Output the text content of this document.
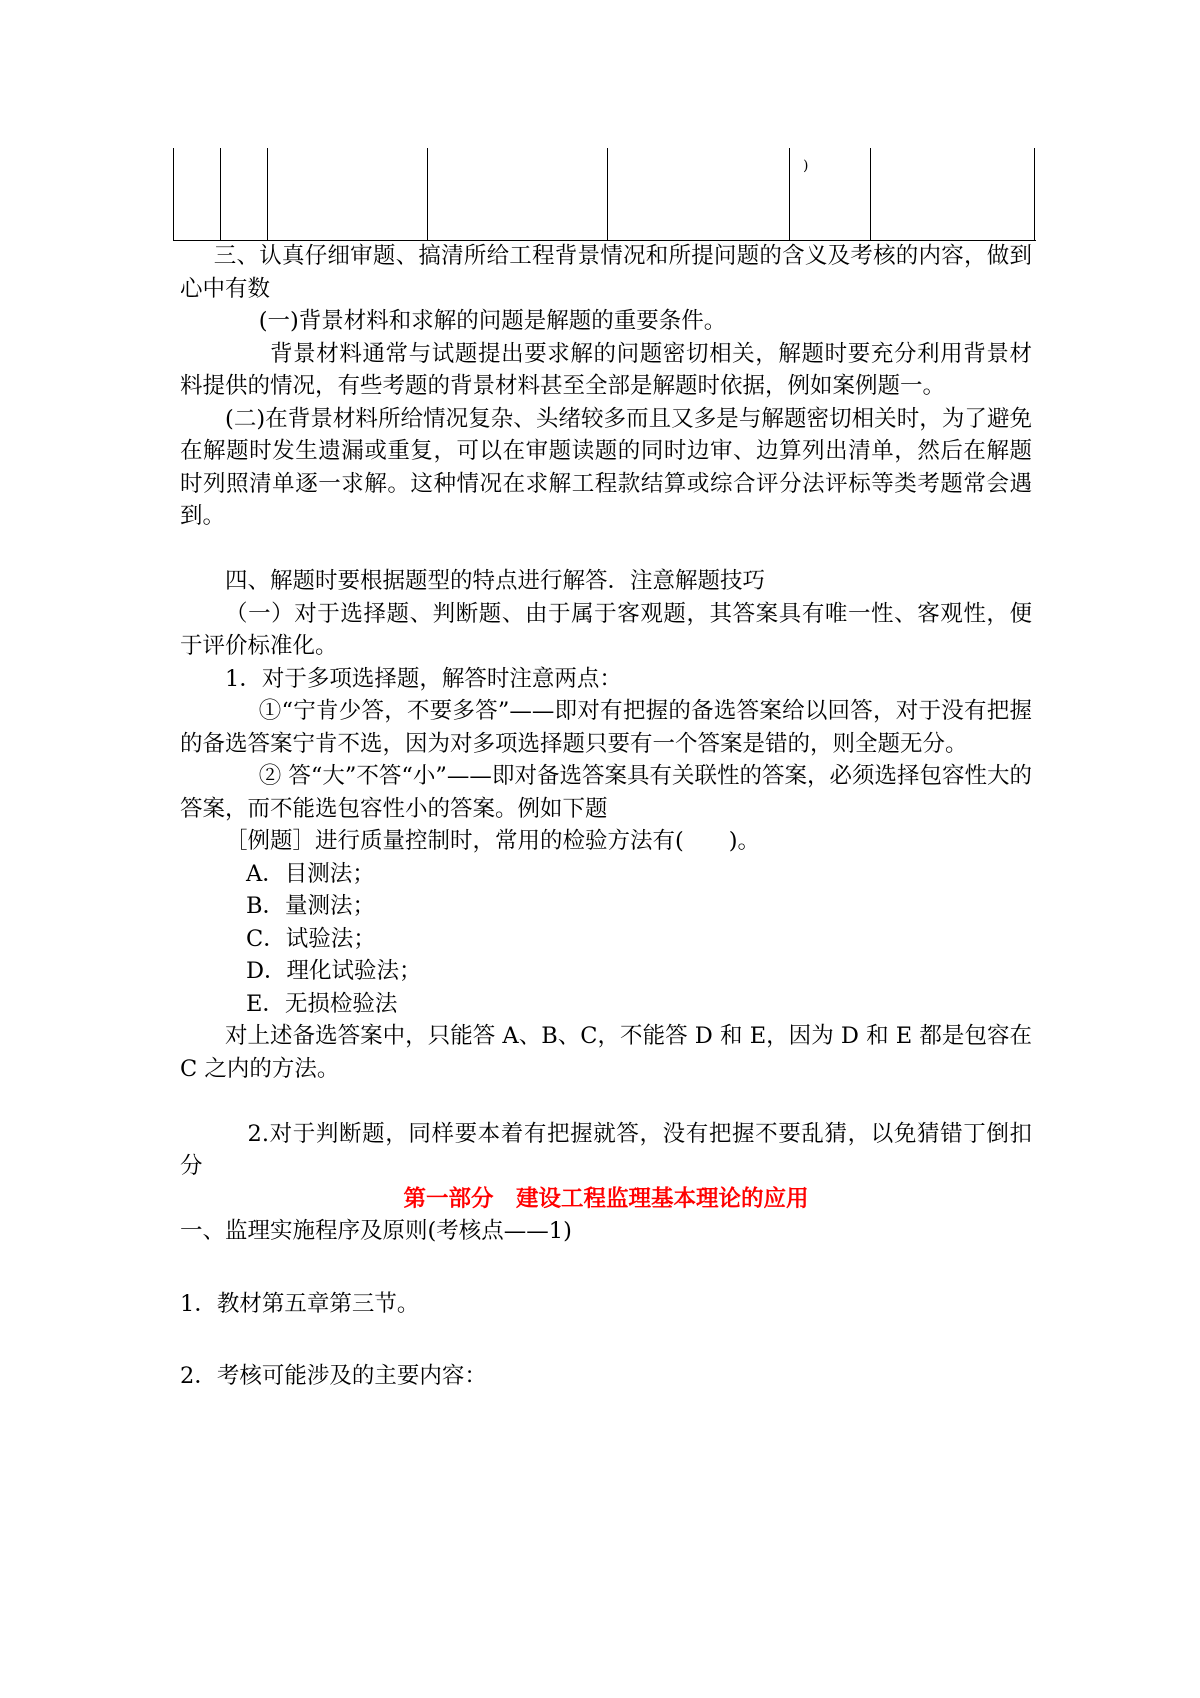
)

三、认真仔细审题、搞清所给工程背景情况和所提问题的含义及考核的内容，做到心中有数

(一)背景材料和求解的问题是解题的重要条件。

背景材料通常与试题提出要求解的问题密切相关，解题时要充分利用背景材料提供的情况，有些考题的背景材料甚至全部是解题时依据，例如案例题一。

(二)在背景材料所给情况复杂、头绪较多而且又多是与解题密切相关时，为了避免在解题时发生遗漏或重复，可以在审题读题的同时边审、边算列出清单，然后在解题时列照清单逐一求解。这种情况在求解工程款结算或综合评分法评标等类考题常会遇到。

四、解题时要根据题型的特点进行解答．注意解题技巧

（一）对于选择题、判断题、由于属于客观题，其答案具有唯一性、客观性，便于评价标准化。

1．对于多项选择题，解答时注意两点：

①“宁肯少答，不要多答”——即对有把握的备选答案给以回答，对于没有把握的备选答案宁肯不选，因为对多项选择题只要有一个答案是错的，则全题无分。

② 答“大”不答“小”——即对备选答案具有关联性的答案，必须选择包容性大的答案，而不能选包容性小的答案。例如下题

［例题］进行质量控制时，常用的检验方法有(　　)。

A．目测法；

B．量测法；

C．试验法；

D．理化试验法；

E．无损检验法

对上述备选答案中，只能答 A、B、C，不能答 D 和 E，因为 D 和 E 都是包容在 C 之内的方法。

2.对于判断题，同样要本着有把握就答，没有把握不要乱猜，以免猜错丁倒扣分

第一部分　建设工程监理基本理论的应用

一、监理实施程序及原则(考核点——1)

1．教材第五章第三节。

2．考核可能涉及的主要内容：
